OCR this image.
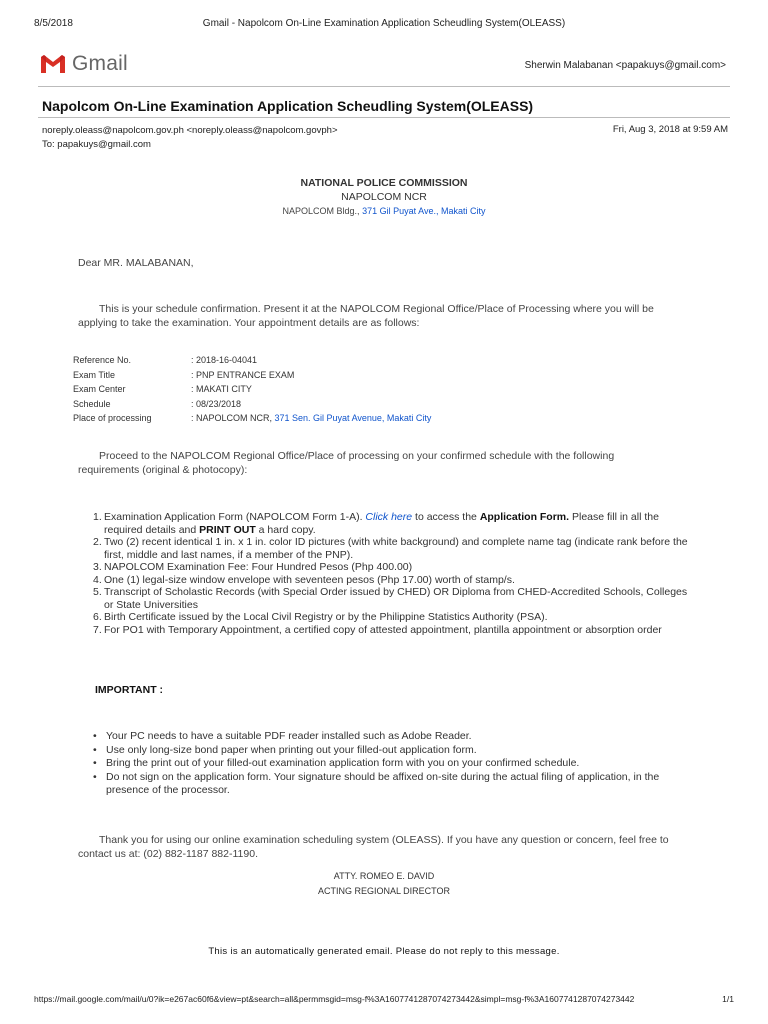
8/5/2018	Gmail - Napolcom On-Line Examination Application Scheudling System(OLEASS)
Gmail	Sherwin Malabanan <papakuys@gmail.com>
Napolcom On-Line Examination Application Scheudling System(OLEASS)
noreply.oleass@napolcom.gov.ph <noreply.oleass@napolcom.govph>
To: papakuys@gmail.com
Fri, Aug 3, 2018 at 9:59 AM
NATIONAL POLICE COMMISSION
NAPOLCOM NCR
NAPOLCOM Bldg., 371 Gil Puyat Ave., Makati City
Dear MR. MALABANAN,
This is your schedule confirmation. Present it at the NAPOLCOM Regional Office/Place of Processing where you will be applying to take the examination. Your appointment details are as follows:
Reference No.	: 2018-16-04041
Exam Title	: PNP ENTRANCE EXAM
Exam Center	: MAKATI CITY
Schedule	: 08/23/2018
Place of processing	: NAPOLCOM NCR, 371 Sen. Gil Puyat Avenue, Makati City
Proceed to the NAPOLCOM Regional Office/Place of processing on your confirmed schedule with the following requirements (original & photocopy):
1. Examination Application Form (NAPOLCOM Form 1-A). Click here to access the Application Form. Please fill in all the required details and PRINT OUT a hard copy.
2. Two (2) recent identical 1 in. x 1 in. color ID pictures (with white background) and complete name tag (indicate rank before the first, middle and last names, if a member of the PNP).
3. NAPOLCOM Examination Fee: Four Hundred Pesos (Php 400.00)
4. One (1) legal-size window envelope with seventeen pesos (Php 17.00) worth of stamp/s.
5. Transcript of Scholastic Records (with Special Order issued by CHED) OR Diploma from CHED-Accredited Schools, Colleges or State Universities
6. Birth Certificate issued by the Local Civil Registry or by the Philippine Statistics Authority (PSA).
7. For PO1 with Temporary Appointment, a certified copy of attested appointment, plantilla appointment or absorption order
IMPORTANT :
• Your PC needs to have a suitable PDF reader installed such as Adobe Reader.
• Use only long-size bond paper when printing out your filled-out application form.
• Bring the print out of your filled-out examination application form with you on your confirmed schedule.
• Do not sign on the application form. Your signature should be affixed on-site during the actual filing of application, in the presence of the processor.
Thank you for using our online examination scheduling system (OLEASS). If you have any question or concern, feel free to contact us at: (02) 882-1187 882-1190.
ATTY. ROMEO E. DAVID
ACTING REGIONAL DIRECTOR
This is an automatically generated email. Please do not reply to this message.
https://mail.google.com/mail/u/0?ik=e267ac60f6&view=pt&search=all&permmsgid=msg-f%3A1607741287074273442&simpl=msg-f%3A1607741287074273442	1/1
